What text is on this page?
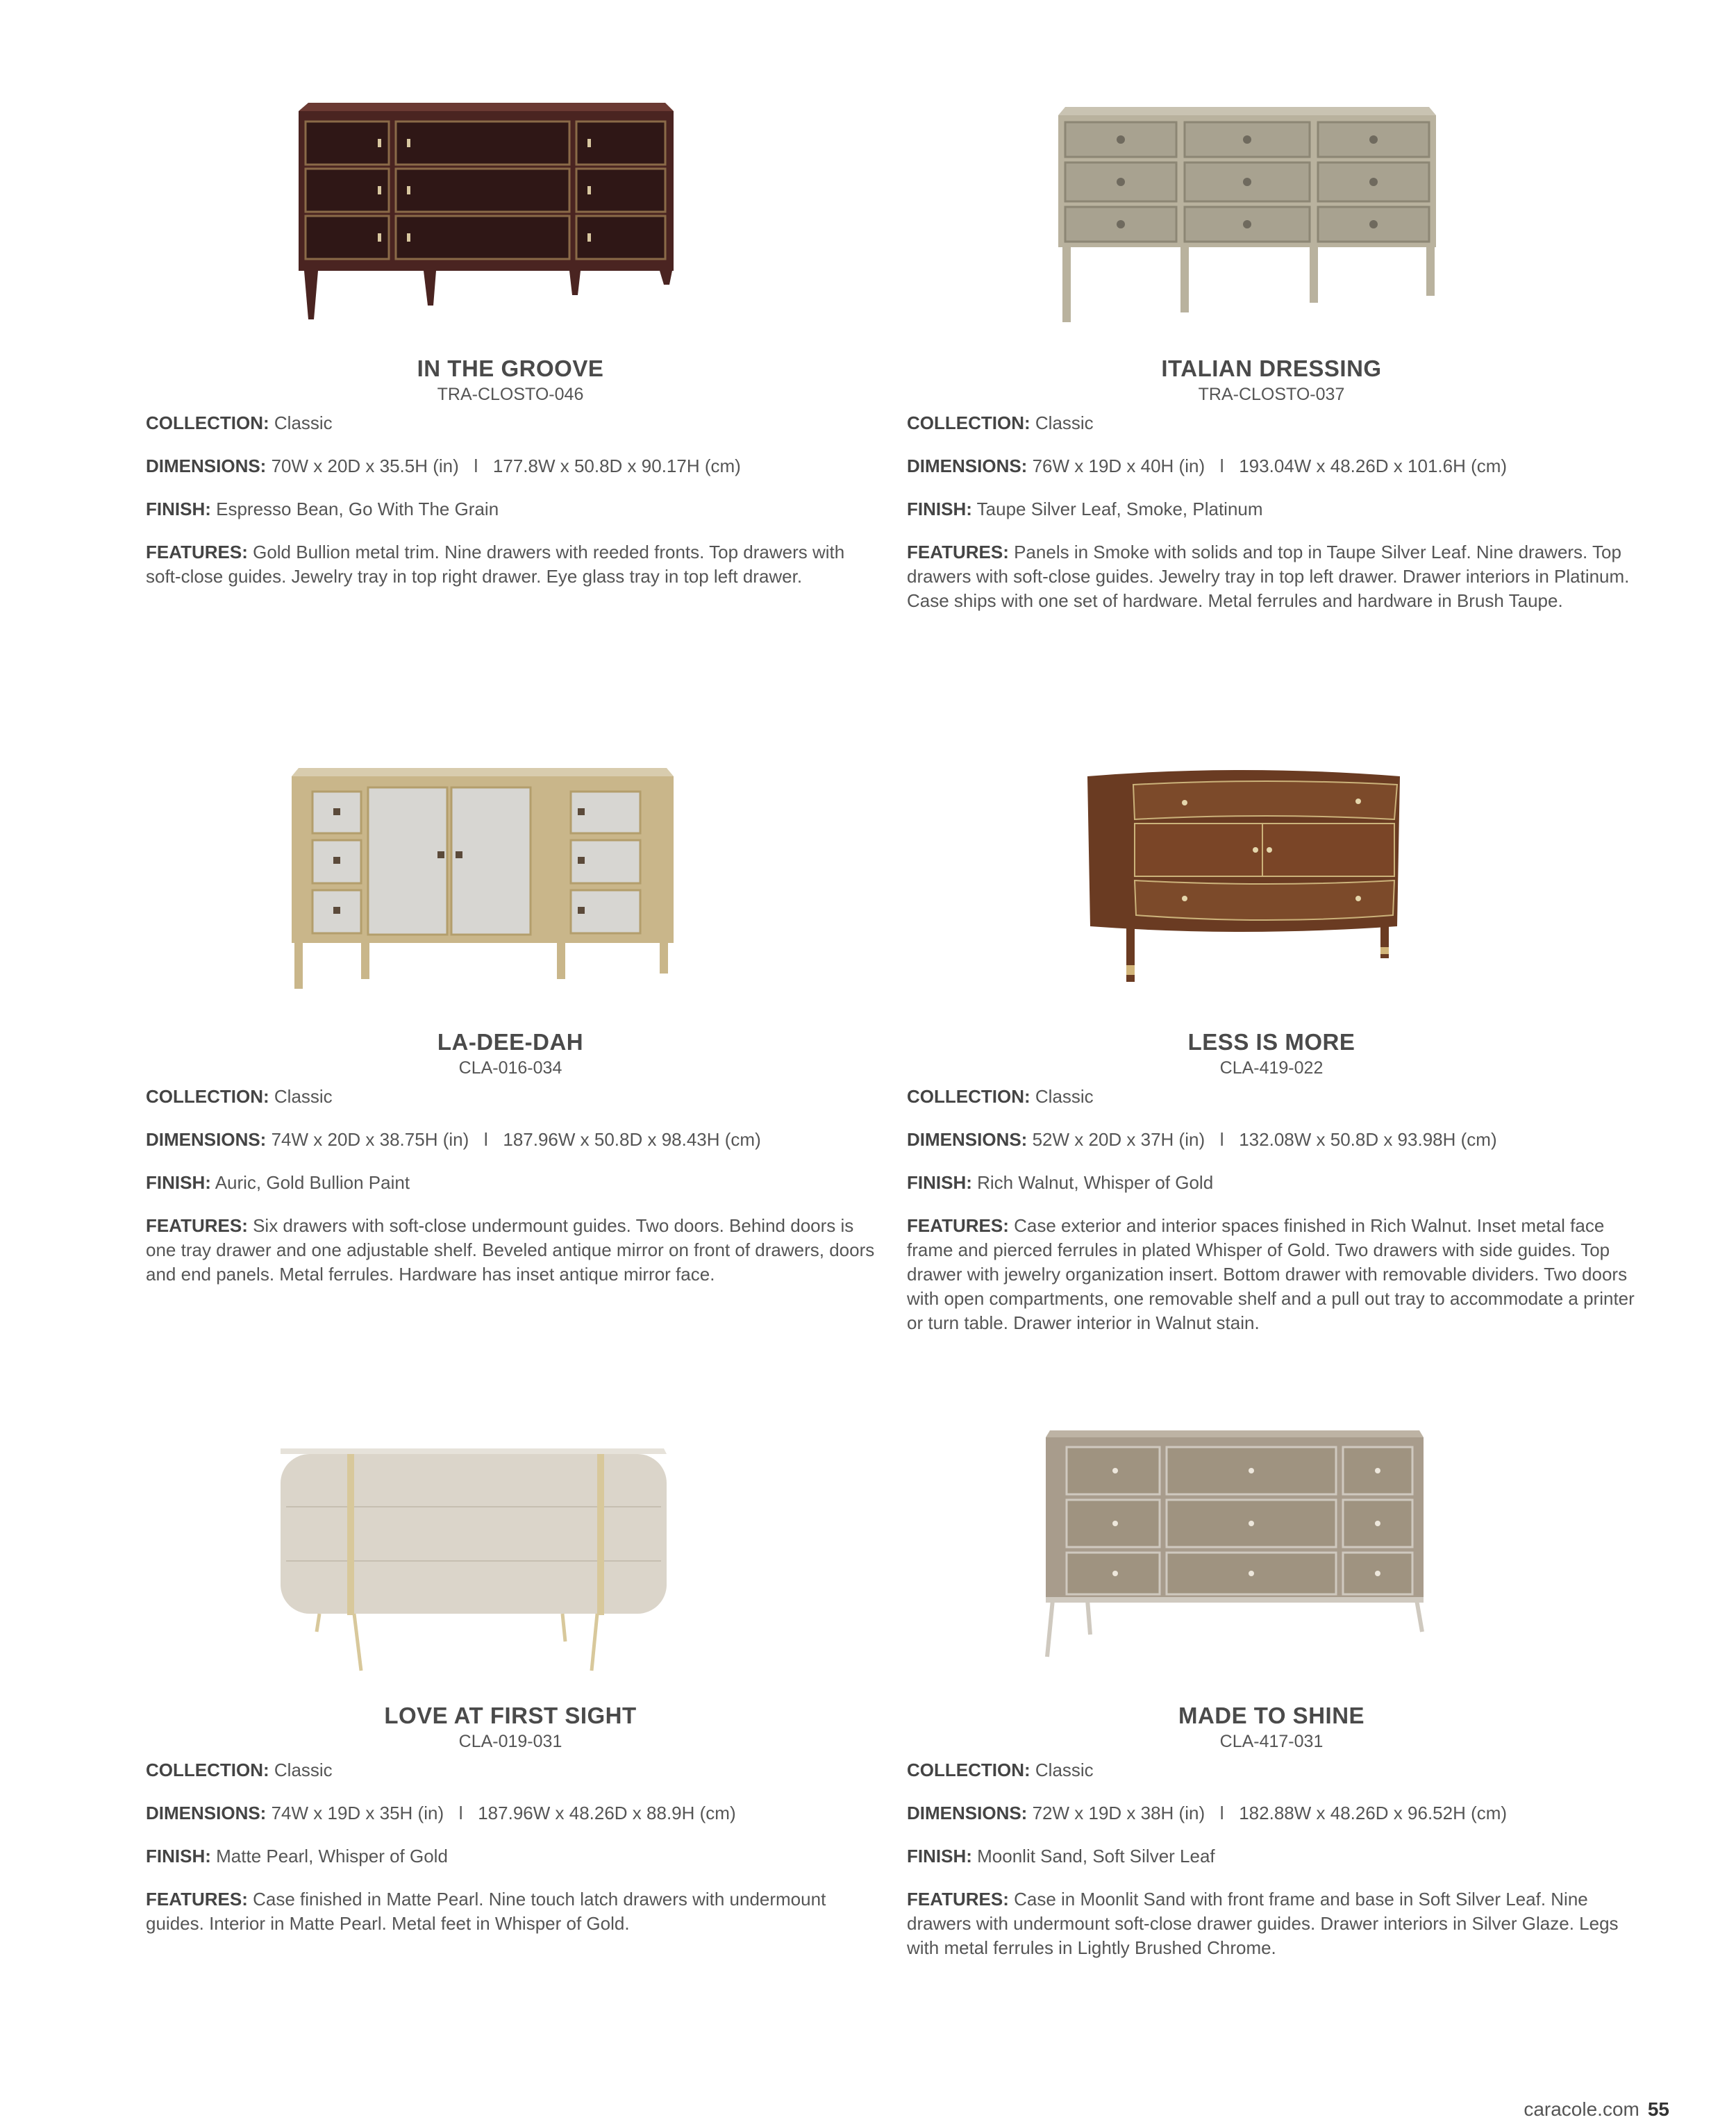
IN THE GROOVE
TRA-CLOSTO-046
COLLECTION: Classic
DIMENSIONS: 70W x 20D x 35.5H (in)   l   177.8W x 50.8D x 90.17H (cm)
FINISH: Espresso Bean, Go With The Grain
FEATURES: Gold Bullion metal trim. Nine drawers with reeded fronts. Top drawers with soft-close guides. Jewelry tray in top right drawer. Eye glass tray in top left drawer.
ITALIAN DRESSING
TRA-CLOSTO-037
COLLECTION: Classic
DIMENSIONS: 76W x 19D x 40H (in)   l   193.04W x 48.26D x 101.6H (cm)
FINISH: Taupe Silver Leaf, Smoke, Platinum
FEATURES: Panels in Smoke with solids and top in Taupe Silver Leaf. Nine drawers. Top drawers with soft-close guides. Jewelry tray in top left drawer. Drawer interiors in Platinum. Case ships with one set of hardware. Metal ferrules and hardware in Brush Taupe.
LA-DEE-DAH
CLA-016-034
COLLECTION: Classic
DIMENSIONS: 74W x 20D x 38.75H (in)   l   187.96W x 50.8D x 98.43H (cm)
FINISH: Auric, Gold Bullion Paint
FEATURES: Six drawers with soft-close undermount guides. Two doors. Behind doors is one tray drawer and one adjustable shelf. Beveled antique mirror on front of drawers, doors and end panels. Metal ferrules. Hardware has inset antique mirror face.
LESS IS MORE
CLA-419-022
COLLECTION: Classic
DIMENSIONS: 52W x 20D x 37H (in)   l   132.08W x 50.8D x 93.98H (cm)
FINISH: Rich Walnut, Whisper of Gold
FEATURES: Case exterior and interior spaces finished in Rich Walnut. Inset metal face frame and pierced ferrules in plated Whisper of Gold. Two drawers with side guides. Top drawer with jewelry organization insert. Bottom drawer with removable dividers. Two doors with open compartments, one removable shelf and a pull out tray to accommodate a printer or turn table. Drawer interior in Walnut stain.
LOVE AT FIRST SIGHT
CLA-019-031
COLLECTION: Classic
DIMENSIONS: 74W x 19D x 35H (in)   l   187.96W x 48.26D x 88.9H (cm)
FINISH: Matte Pearl, Whisper of Gold
FEATURES: Case finished in Matte Pearl. Nine touch latch drawers with undermount guides. Interior in Matte Pearl. Metal feet in Whisper of Gold.
MADE TO SHINE
CLA-417-031
COLLECTION: Classic
DIMENSIONS: 72W x 19D x 38H (in)   l   182.88W x 48.26D x 96.52H (cm)
FINISH: Moonlit Sand, Soft Silver Leaf
FEATURES: Case in Moonlit Sand with front frame and base in Soft Silver Leaf. Nine drawers with undermount soft-close drawer guides. Drawer interiors in Silver Glaze. Legs with metal ferrules in Lightly Brushed Chrome.
caracole.com 55
